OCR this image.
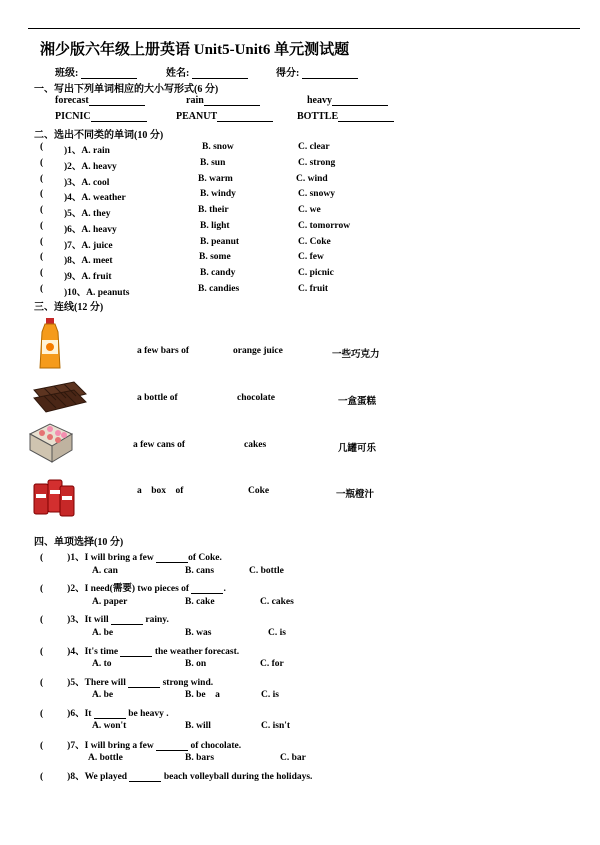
湘少版六年级上册英语 Unit5-Unit6 单元测试题
班级:	姓名:	得分:
一、写出下列单词相应的大小写形式(6 分)
forecast	rain	heavy
PICNIC	PEANUT	BOTTLE
二、选出不同类的单词(10 分)
( )1、A. rain	B. snow	C. clear
( )2、A. heavy	B. sun	C. strong
( )3、A. cool	B. warm	C. wind
( )4、A. weather	B. windy	C. snowy
( )5、A. they	B. their	C. we
( )6、A. heavy	B. light	C. tomorrow
( )7、A. juice	B. peanut	C. Coke
( )8、A. meet	B. some	C. few
( )9、A. fruit	B. candy	C. picnic
( )10、A. peanuts	B. candies	C. fruit
三、连线(12 分)
a few bars of	orange juice	一些巧克力
a bottle of	chocolate	一盒蛋糕
a few cans of	cakes	几罐可乐
a    box    of	Coke	一瓶橙汁
四、单项选择(10 分)
(	)1、I will bring a few	of Coke.
A. can	B. cans	C. bottle
(	)2、I need(需要) two pieces of	.
A. paper	B. cake	C. cakes
(	)3、It will	rainy.
A. be	B. was	C. is
(	)4、It's time	the weather forecast.
A. to	B. on	C. for
(	)5、There will	strong wind.
A. be	B. be    a	C. is
(	)6、It	be heavy .
A. won't	B. will	C. isn't
(	)7、I will bring a few	of chocolate.
A. bottle	B. bars	C. bar
(	)8、We played	beach volleyball during the holidays.
